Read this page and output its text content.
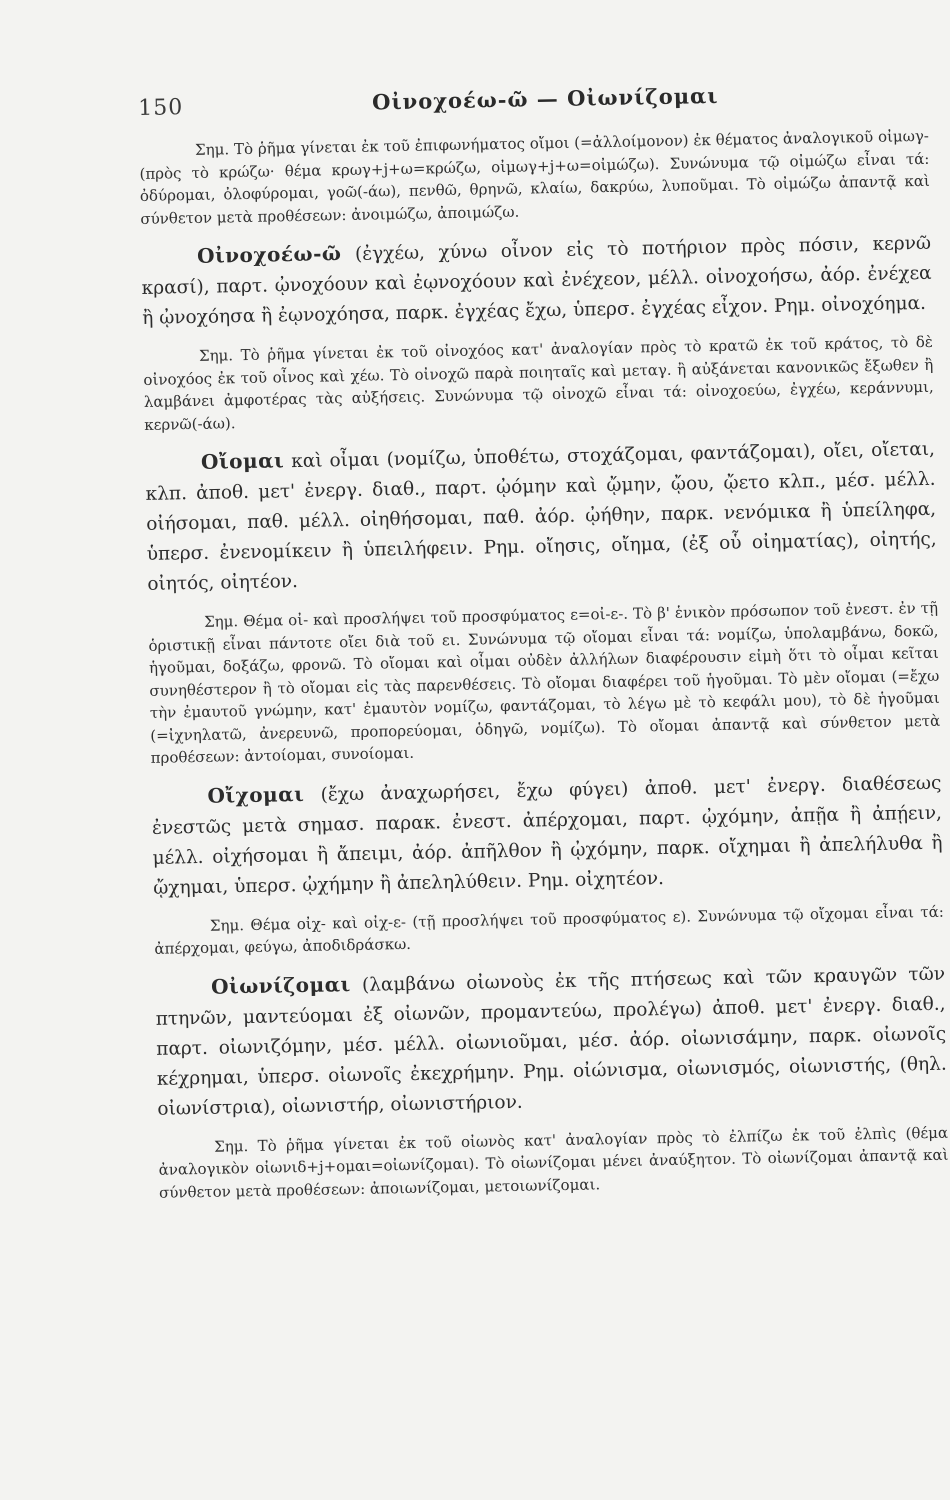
150	Οἰνοχοέω-ῶ — Οἰωνίζομαι

Σημ. Τὸ ῥῆμα γίνεται ἐκ τοῦ ἐπιφωνήματος οἴμοι (=ἀλλοίμονον) ἐκ θέματος ἀναλογικοῦ οἰμωγ- (πρὸς τὸ κρώζω· θέμα κρωγ+j+ω=κρώζω, οἰμωγ+j+ω=οἰμώζω). Συνώνυμα τῷ οἰμώζω εἶναι τά: ὀδύρομαι, ὀλοφύρομαι, γοῶ(-άω), πενθῶ, θρηνῶ, κλαίω, δακρύω, λυποῦμαι. Τὸ οἰμώζω ἀπαντᾷ καὶ σύνθετον μετὰ προθέσεων: ἀνοιμώζω, ἀποιμώζω.

Οἰνοχοέω-ῶ (ἐγχέω, χύνω οἶνον εἰς τὸ ποτήριον πρὸς πόσιν, κερνῶ κρασί), παρτ. ᾠνοχόουν καὶ ἐῳνοχόουν καὶ ἐνέχεον, μέλλ. οἰνοχοήσω, ἀόρ. ἐνέχεα ἢ ᾠνοχόησα ἢ ἐῳνοχόησα, παρκ. ἐγχέας ἔχω, ὑπερσ. ἐγχέας εἶχον. Ρημ. οἰνοχόημα.

Σημ. Τὸ ῥῆμα γίνεται ἐκ τοῦ οἰνοχόος κατ' ἀναλογίαν πρὸς τὸ κρατῶ ἐκ τοῦ κράτος, τὸ δὲ οἰνοχόος ἐκ τοῦ οἶνος καὶ χέω. Τὸ οἰνοχῶ παρὰ ποιηταῖς καὶ μεταγ. ἢ αὐξάνεται κανονικῶς ἔξωθεν ἢ λαμβάνει ἀμφοτέρας τὰς αὐξήσεις. Συνώνυμα τῷ οἰνοχῶ εἶναι τά: οἰνοχοεύω, ἐγχέω, κεράννυμι, κερνῶ(-άω).

Οἴομαι καὶ οἶμαι (νομίζω, ὑποθέτω, στοχάζομαι, φαντάζομαι), οἴει, οἴεται, κλπ. ἀποθ. μετ' ἐνεργ. διαθ., παρτ. ᾠόμην καὶ ᾤμην, ᾤου, ᾤετο κλπ., μέσ. μέλλ. οἰήσομαι, παθ. μέλλ. οἰηθήσομαι, παθ. ἀόρ. ᾠήθην, παρκ. νενόμικα ἢ ὑπείληφα, ὑπερσ. ἐνενομίκειν ἢ ὑπειλήφειν. Ρημ. οἴησις, οἴημα, (ἐξ οὗ οἰηματίας), οἰητής, οἰητός, οἰητέον.

Σημ. Θέμα οἰ- καὶ προσλήψει τοῦ προσφύματος ε=οἰ-ε-. Τὸ β' ἑνικὸν πρόσωπον τοῦ ἐνεστ. ἐν τῇ ὁριστικῇ εἶναι πάντοτε οἴει διὰ τοῦ ει. Συνώνυμα τῷ οἴομαι εἶναι τά: νομίζω, ὑπολαμβάνω, δοκῶ, ἡγοῦμαι, δοξάζω, φρονῶ. Τὸ οἴομαι καὶ οἶμαι οὐδὲν ἀλλήλων διαφέρουσιν εἰμὴ ὅτι τὸ οἶμαι κεῖται συνηθέστερον ἢ τὸ οἴομαι εἰς τὰς παρενθέσεις. Τὸ οἴομαι διαφέρει τοῦ ἡγοῦμαι. Τὸ μὲν οἴομαι (=ἔχω τὴν ἐμαυτοῦ γνώμην, κατ' ἐμαυτὸν νομίζω, φαντάζομαι, τὸ λέγω μὲ τὸ κεφάλι μου), τὸ δὲ ἡγοῦμαι (=ἰχνηλατῶ, ἀνερευνῶ, προπορεύομαι, ὁδηγῶ, νομίζω). Τὸ οἴομαι ἀπαντᾷ καὶ σύνθετον μετὰ προθέσεων: ἀντοίομαι, συνοίομαι.

Οἴχομαι (ἔχω ἀναχωρήσει, ἔχω φύγει) ἀποθ. μετ' ἐνεργ. διαθέσεως ἐνεστῶς μετὰ σημασ. παρακ. ἐνεστ. ἀπέρχομαι, παρτ. ᾠχόμην, ἀπῇα ἢ ἀπῄειν, μέλλ. οἰχήσομαι ἢ ἄπειμι, ἀόρ. ἀπῆλθον ἢ ᾠχόμην, παρκ. οἴχημαι ἢ ἀπελήλυθα ἢ ᾤχημαι, ὑπερσ. ᾠχήμην ἢ ἀπεληλύθειν. Ρημ. οἰχητέον.

Σημ. Θέμα οἰχ- καὶ οἰχ-ε- (τῇ προσλήψει τοῦ προσφύματος ε). Συνώνυμα τῷ οἴχομαι εἶναι τά: ἀπέρχομαι, φεύγω, ἀποδιδράσκω.

Οἰωνίζομαι (λαμβάνω οἰωνοὺς ἐκ τῆς πτήσεως καὶ τῶν κραυγῶν τῶν πτηνῶν, μαντεύομαι ἐξ οἰωνῶν, προμαντεύω, προλέγω) ἀποθ. μετ' ἐνεργ. διαθ., παρτ. οἰωνιζόμην, μέσ. μέλλ. οἰωνιοῦμαι, μέσ. ἀόρ. οἰωνισάμην, παρκ. οἰωνοῖς κέχρημαι, ὑπερσ. οἰωνοῖς ἐκεχρήμην. Ρημ. οἰώνισμα, οἰωνισμός, οἰωνιστής, (θηλ. οἰωνίστρια), οἰωνιστήρ, οἰωνιστήριον.

Σημ. Τὸ ῥῆμα γίνεται ἐκ τοῦ οἰωνὸς κατ' ἀναλογίαν πρὸς τὸ ἐλπίζω ἐκ τοῦ ἐλπὶς (θέμα ἀναλογικὸν οἰωνιδ+j+ομαι=οἰωνίζομαι). Τὸ οἰωνίζομαι μένει ἀναύξητον. Τὸ οἰωνίζομαι ἀπαντᾷ καὶ σύνθετον μετὰ προθέσεων: ἀποιωνίζομαι, μετοιωνίζομαι.
